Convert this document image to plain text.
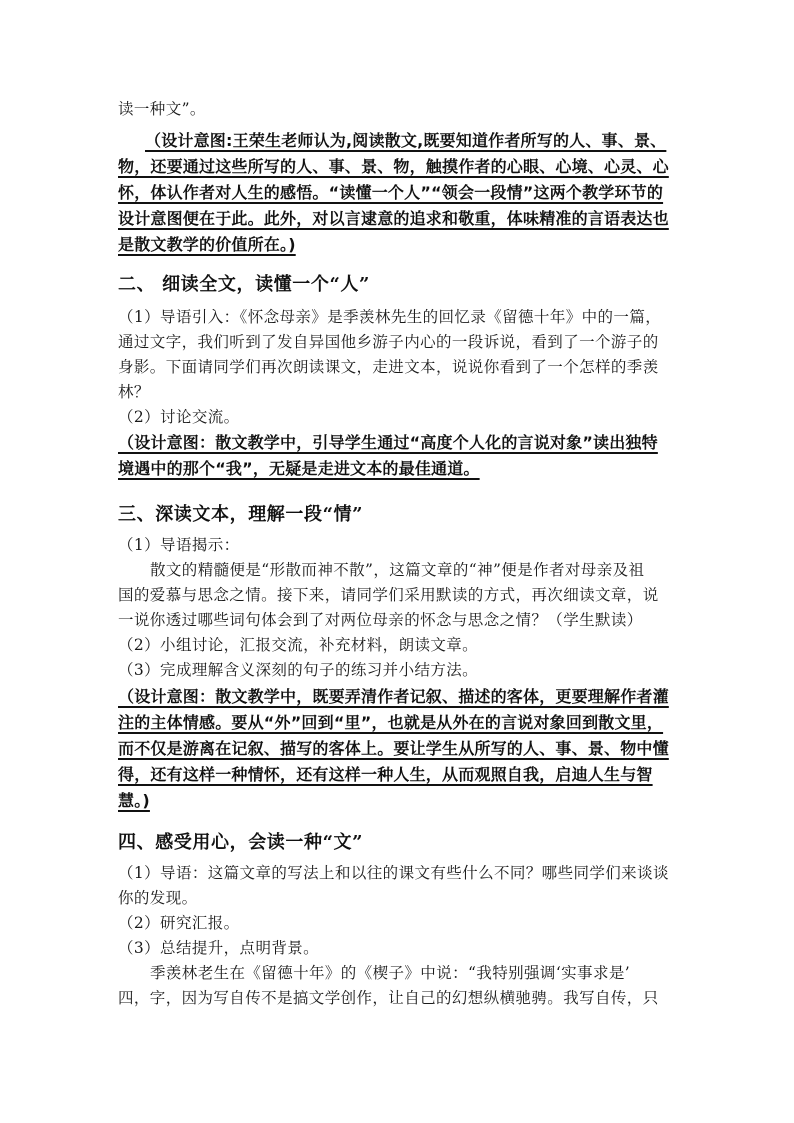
读一种文”。
（设计意图:王荣生老师认为,阅读散文,既要知道作者所写的人、事、景、
物，还要通过这些所写的人、事、景、物，触摸作者的心眼、心境、心灵、心
怀，体认作者对人生的感悟。“读懂一个人”“领会一段情”这两个教学环节的
设计意图便在于此。此外，对以言逮意的追求和敬重，体味精准的言语表达也
是散文教学的价值所在。)
二、 细读全文，读懂一个“人”
（1）导语引入：《怀念母亲》是季羡林先生的回忆录《留德十年》中的一篇，
通过文字，我们听到了发自异国他乡游子内心的一段诉说，看到了一个游子的
身影。下面请同学们再次朗读课文，走进文本，说说你看到了一个怎样的季羡
林？
（2）讨论交流。
（设计意图：散文教学中，引导学生通过“高度个人化的言说对象”读出独特
境遇中的那个“我”，无疑是走进文本的最佳通道。
三、深读文本，理解一段“情”
（1）导语揭示：
散文的精髓便是“形散而神不散”，这篇文章的“神”便是作者对母亲及祖
国的爱慕与思念之情。接下来，请同学们采用默读的方式，再次细读文章，说
一说你透过哪些词句体会到了对两位母亲的怀念与思念之情？（学生默读）
（2）小组讨论，汇报交流，补充材料，朗读文章。
（3）完成理解含义深刻的句子的练习并小结方法。
（设计意图：散文教学中，既要弄清作者记叙、描述的客体，更要理解作者灌
注的主体情感。要从“外”回到“里”，也就是从外在的言说对象回到散文里，
而不仅是游离在记叙、描写的客体上。要让学生从所写的人、事、景、物中懂
得，还有这样一种情怀，还有这样一种人生，从而观照自我，启迪人生与智
慧。)
四、感受用心，会读一种“文”
（1）导语：这篇文章的写法上和以往的课文有些什么不同？哪些同学们来谈谈
你的发现。
（2）研究汇报。
（3）总结提升，点明背景。
季羡林老生在《留德十年》的《楔子》中说：“我特别强调‘实事求是’
四，字，因为写自传不是搞文学创作，让自己的幻想纵横驰骋。我写自传，只
